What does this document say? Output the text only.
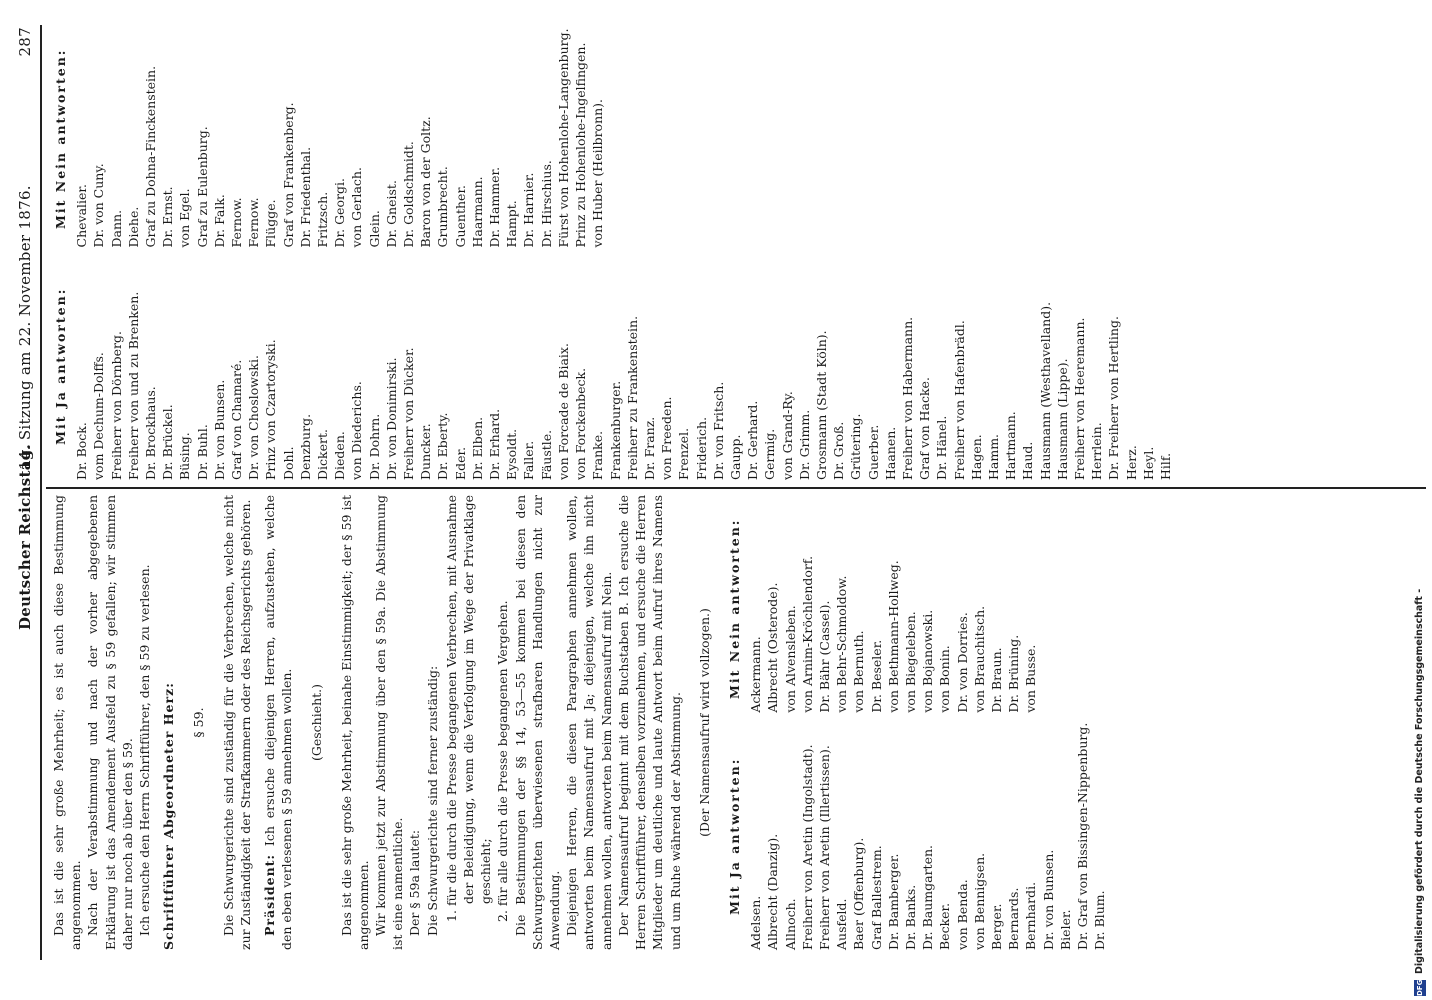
Deutscher Reichstag.
14. Sitzung am 22. November 1876.
287

Das ist die sehr große Mehrheit; es ist auch diese Bestimmung angenommen. Nach der Verabstimmung und nach der vorher abgegebenen Erklärung ist das Amendement Ausfeld zu § 59 gefallen; wir stimmen daher nur noch ab über den § 59. Ich ersuche den Herrn Schriftführer, den § 59 zu verlesen. Schriftführer Abgeordneter Herz: § 59. Die Schwurgerichte sind zuständig für die Verbrechen, welche nicht zur Zuständigkeit der Strafkammern oder des Reichsgerichts gehören. Präsident: Ich ersuche diejenigen Herren, aufzustehen, welche den eben verlesenen § 59 annehmen wollen. (Geschieht.) Das ist die sehr große Mehrheit, beinahe Einstimmigkeit; der § 59 ist angenommen. Wir kommen jetzt zur Abstimmung über den § 59a. Die Abstimmung ist eine namentliche. Der § 59a lautet: Die Schwurgerichte sind ferner zuständig: 1. für die durch die Presse begangenen Verbrechen, mit Ausnahme der Beleidigung, wenn die Verfolgung im Wege der Privatklage geschieht; 2. für alle durch die Presse begangenen Vergehen. Die Bestimmungen der §§ 14, 53—55 kommen bei diesen den Schwurgerichten überwiesenen strafbaren Handlungen nicht zur Anwendung. Diejenigen Herren, die diesen Paragraphen annehmen wollen, antworten beim Namensaufruf mit Ja; diejenigen, welche ihn nicht annehmen wollen, antworten beim Namensaufruf mit Nein. Der Namensaufruf beginnt mit dem Buchstaben B. Ich ersuche die Herren Schriftführer, denselben vorzunehmen, und ersuche die Herren Mitglieder um deutliche und laute Antwort beim Aufruf ihres Namens und um Ruhe während der Abstimmung. (Der Namensaufruf wird vollzogen.) Mit Ja antworten:
Mit Nein antworten:
Adelsen. Albrecht (Danzig). Allnoch. Freiherr von Aretin (Ingolstadt). Freiherr von Aretin (Illertissen). Ausfeld. Baer (Offenburg). Graf Ballestrem. Dr. Bamberger. Dr. Banks. Dr. Baumgarten. Becker. von Benda. von Bennigsen. Berger. Bernards. Bernhardi. Dr. von Bunsen. Bieler. Dr. Graf von Bissingen-Nippenburg. Dr. Blum.
Ackermann. Albrecht (Osterode). von Alvensleben. von Arnim-Kröchlendorf. Dr. Bähr (Cassel). von Behr-Schmoldow. von Bernuth. Dr. Beseler. von Bethmann-Hollweg. von Biegeleben. von Bojanowski. von Bonin. Dr. von Dorries. von Brauchitsch. Dr. Braun. Dr. Brüning. von Busse.
Mit Ja antworten:
Mit Nein antworten:
Dr. Bock. vom Dechum-Dolffs. Freiherr von Dörnberg. Freiherr von und zu Brenken. Dr. Brockhaus. Dr. Brückel. Büsing. Dr. Buhl. Dr. von Bunsen. Graf von Chamaré. Dr. von Choslowski. Prinz von Czartoryski. Dohl. Denzburg. Dickert. Dieden. von Diederichs. Dr. Dohrn. Dr. von Donimirski. Freiherr von Dücker. Duncker. Dr. Eberty. Eder. Dr. Elben. Dr. Erhard. Eysoldt. Faller. Fäustle. von Forcade de Biaix. von Forckenbeck. Franke. Frankenburger. Freiherr zu Frankenstein. Dr. Franz. von Freeden. Frenzel. Friderich. Dr. von Fritsch. Gaupp. Dr. Gerhard. Germig. von Grand-Ry. Dr. Grimm. Grosmann (Stadt Köln). Dr. Groß. Grütering. Guerber. Haanen. Freiherr von Habermann. Graf von Hacke. Dr. Hänel. Freiherr von Hafenbrädl. Hagen. Hamm. Hartmann. Haud. Hausmann (Westhavelland). Hausmann (Lippe). Freiherr von Heeremann. Herrlein. Dr. Freiherr von Hertling. Herz. Heyl. Hilf.
Chevalier. Dr. von Cuny. Dann. Diehe. Graf zu Dohna-Finckenstein. Dr. Ernst. von Egel. Graf zu Eulenburg. Dr. Falk. Fernow. Fernow. Flügge. Graf von Frankenberg. Dr. Friedenthal. Fritzsch. Dr. Georgi. von Gerlach. Glein. Dr. Gneist. Dr. Goldschmidt. Baron von der Goltz. Grumbrecht. Guenther. Haarmann. Dr. Hammer. Hampt. Dr. Harnier. Dr. Hirschius. Fürst von Hohenlohe-Langenburg. Prinz zu Hohenlohe-Ingelfingen. von Huber (Heilbronn).
DFG
Digitalisierung gefördert durch die Deutsche Forschungsgemeinschaft -
